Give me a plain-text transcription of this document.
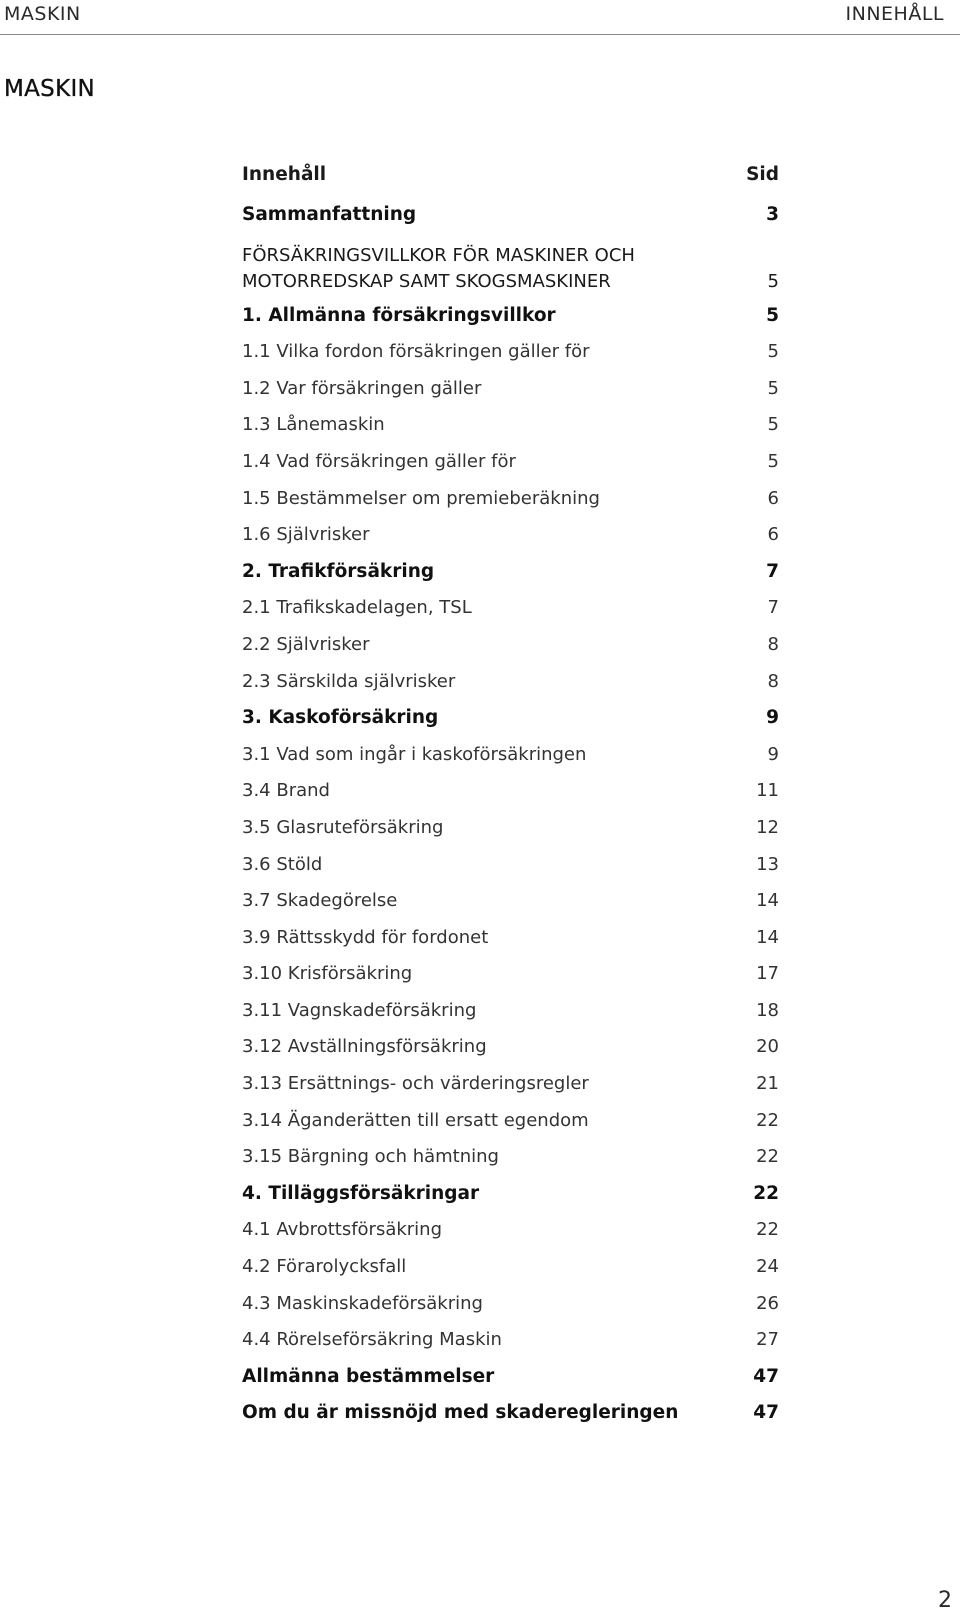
MASKIN	INNEHÅLL
MASKIN
Innehåll	Sid
Sammanfattning	3
FÖRSÄKRINGSVILLKOR FÖR MASKINER OCH
MOTORREDSKAP SAMT SKOGSMASKINER	5
1. Allmänna försäkringsvillkor	5
1.1 Vilka fordon försäkringen gäller för	5
1.2 Var försäkringen gäller	5
1.3 Lånemaskin	5
1.4 Vad försäkringen gäller för	5
1.5 Bestämmelser om premieberäkning	6
1.6 Självrisker	6
2. Trafikförsäkring	7
2.1 Trafikskadelagen, TSL	7
2.2 Självrisker	8
2.3 Särskilda självrisker	8
3. Kaskoförsäkring	9
3.1 Vad som ingår i kaskoförsäkringen	9
3.4 Brand	11
3.5 Glasruteförsäkring	12
3.6 Stöld	13
3.7 Skadegörelse	14
3.9 Rättsskydd för fordonet	14
3.10 Krisförsäkring	17
3.11 Vagnskadeförsäkring	18
3.12 Avställningsförsäkring	20
3.13 Ersättnings- och värderingsregler	21
3.14 Äganderätten till ersatt egendom	22
3.15 Bärgning och hämtning	22
4. Tilläggsförsäkringar	22
4.1 Avbrottsförsäkring	22
4.2 Förarolycksfall	24
4.3 Maskinskadeförsäkring	26
4.4 Rörelseförsäkring Maskin	27
Allmänna bestämmelser	47
Om du är missnöjd med skaderegleringen	47
2
